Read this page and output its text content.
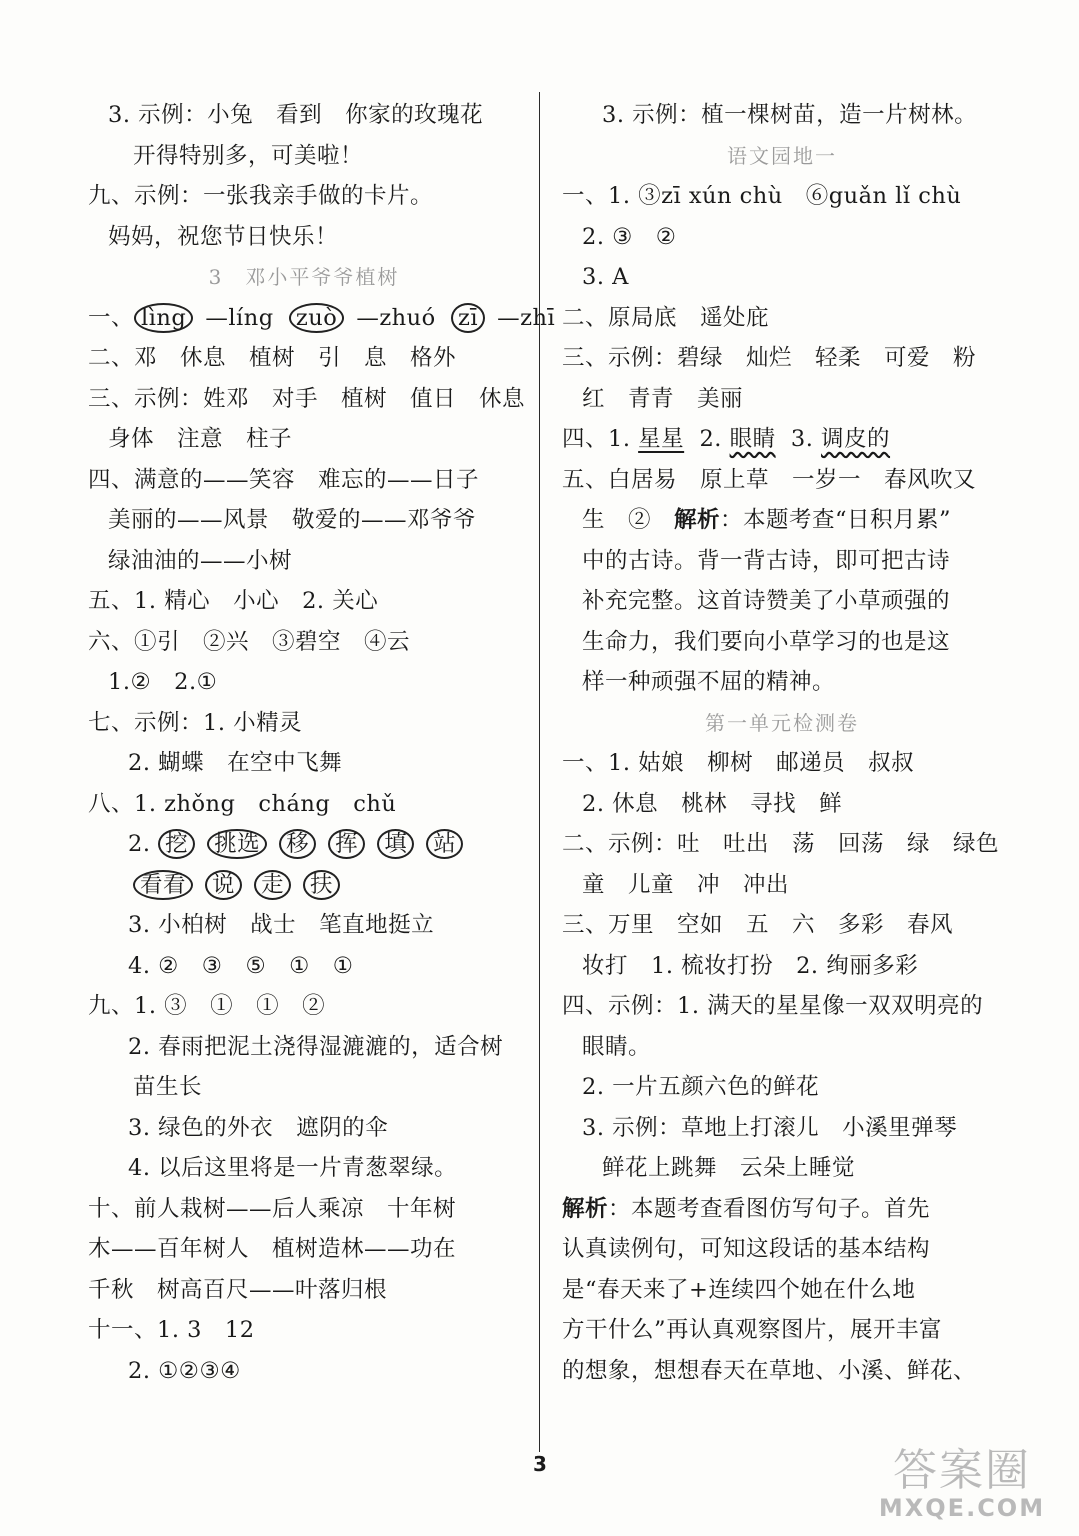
3. 示例：小兔　看到　你家的玫瑰花
开得特别多，可美啦！
九、示例：一张我亲手做的卡片。
妈妈，祝您节日快乐！
3　邓小平爷爷植树
一、 lìng —líng zuò —zhuó zī —zhī
二、邓　休息　植树　引　息　格外
三、示例：姓邓　对手　植树　值日　休息
身体　注意　柱子
四、满意的——笑容　难忘的——日子
美丽的——风景　敬爱的——邓爷爷
绿油油的——小树
五、1. 精心　小心　2. 关心
六、①引　②兴　③碧空　④云
1.②　2.①
七、示例：1. 小精灵
2. 蝴蝶　在空中飞舞
八、1. zhǒng　cháng　chǔ
2. 挖 挑选 移 挥 填 站
看看 说 走 扶
3. 小柏树　战士　笔直地挺立
4. ②　③　⑤　①　①
九、1. ③　①　①　②
2. 春雨把泥土浇得湿漉漉的，适合树
苗生长
3. 绿色的外衣　遮阴的伞
4. 以后这里将是一片青葱翠绿。
十、前人栽树——后人乘凉　十年树
木——百年树人　植树造林——功在
千秋　树高百尺——叶落归根
十一、1. 3　12
2. ①②③④
3. 示例：植一棵树苗，造一片树林。
语文园地一
一、1. ③zī xún chù　⑥guǎn lǐ chù
2. ③　②
3. A
二、原局底　遥处庇
三、示例：碧绿　灿烂　轻柔　可爱　粉
红　青青　美丽
四、1. 星星 2. 眼睛 3. 调皮的
五、白居易　原上草　一岁一　春风吹又
生　②　解析：本题考查“日积月累”
中的古诗。背一背古诗，即可把古诗
补充完整。这首诗赞美了小草顽强的
生命力，我们要向小草学习的也是这
样一种顽强不屈的精神。
第一单元检测卷
一、1. 姑娘　柳树　邮递员　叔叔
2. 休息　桃林　寻找　鲜
二、示例：吐　吐出　荡　回荡　绿　绿色
童　儿童　冲　冲出
三、万里　空如　五　六　多彩　春风
妆打　1. 梳妆打扮　2. 绚丽多彩
四、示例：1. 满天的星星像一双双明亮的
眼睛。
2. 一片五颜六色的鲜花
3. 示例：草地上打滚儿　小溪里弹琴
鲜花上跳舞　云朵上睡觉
解析：本题考查看图仿写句子。首先
认真读例句，可知这段话的基本结构
是“春天来了+连续四个她在什么地
方干什么”再认真观察图片，展开丰富
的想象，想想春天在草地、小溪、鲜花、
3	答案圈
MXQE.COM
